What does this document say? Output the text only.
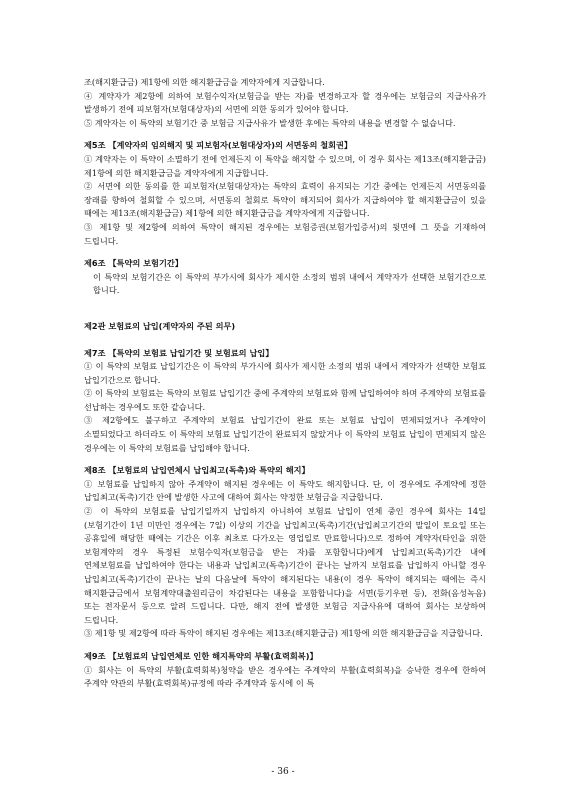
조(해지환급금) 제1항에 의한 해지환급금을 계약자에게 지급합니다.

④ 계약자가 제2항에 의하여 보험수익자(보험금을 받는 자)를 변경하고자 할 경우에는 보험금의 지급사유가 발생하기 전에 피보험자(보험대상자)의 서면에 의한 동의가 있어야 합니다.

⑤ 계약자는 이 특약의 보험기간 중 보험금 지급사유가 발생한 후에는 특약의 내용을 변경할 수 없습니다.

제5조 【계약자의 임의해지 및 피보험자(보험대상자)의 서면동의 철회권】

① 계약자는 이 특약이 소멸하기 전에 언제든지 이 특약을 해지할 수 있으며, 이 경우 회사는 제13조(해지환급금) 제1항에 의한 해지환급금을 계약자에게 지급합니다.

② 서면에 의한 동의를 한 피보험자(보험대상자)는 특약의 효력이 유지되는 기간 중에는 언제든지 서면동의를 장래를 향하여 철회할 수 있으며, 서면동의 철회로 특약이 해지되어 회사가 지급하여야 할 해지환급금이 있을 때에는 제13조(해지환급금) 제1항에 의한 해지환급금을 계약자에게 지급합니다.

③ 제1항 및 제2항에 의하여 특약이 해지된 경우에는 보험증권(보험가입증서)의 뒷면에 그 뜻을 기재하여 드립니다.

제6조 【특약의 보험기간】

이 특약의 보험기간은 이 특약의 부가시에 회사가 제시한 소정의 범위 내에서 계약자가 선택한 보험기간으로 합니다.

제2관 보험료의 납입(계약자의 주된 의무)

제7조 【특약의 보험료 납입기간 및 보험료의 납입】

① 이 특약의 보험료 납입기간은 이 특약의 부가시에 회사가 제시한 소정의 범위 내에서 계약자가 선택한 보험료 납입기간으로 합니다.

② 이 특약의 보험료는 특약의 보험료 납입기간 중에 주계약의 보험료와 함께 납입하여야 하며 주계약의 보험료를 선납하는 경우에도 또한 같습니다.

③ 제2항에도 불구하고 주계약의 보험료 납입기간이 완료 또는 보험료 납입이 면제되었거나 주계약이 소멸되었다고 하더라도 이 특약의 보험료 납입기간이 완료되지 않았거나 이 특약의 보험료 납입이 면제되지 않은 경우에는 이 특약의 보험료를 납입해야 합니다.

제8조 【보험료의 납입연체시 납입최고(독촉)와 특약의 해지】

① 보험료를 납입하지 않아 주계약이 해지된 경우에는 이 특약도 해지합니다. 단, 이 경우에도 주계약에 정한 납입최고(독촉)기간 안에 발생한 사고에 대하여 회사는 약정한 보험금을 지급합니다.

② 이 특약의 보험료를 납입기일까지 납입하지 아니하여 보험료 납입이 연체 중인 경우에 회사는 14일(보험기간이 1년 미만인 경우에는 7일) 이상의 기간을 납입최고(독촉)기간(납입최고기간의 말일이 토요일 또는 공휴일에 해당한 때에는 기간은 이후 최초로 다가오는 영업일로 만료합니다)으로 정하여 계약자(타인을 위한 보험계약의 경우 특정된 보험수익자(보험금을 받는 자)를 포함합니다)에게 납입최고(독촉)기간 내에 연체보험료를 납입하여야 한다는 내용과 납입최고(독촉)기간이 끝나는 날까지 보험료를 납입하지 아니할 경우 납입최고(독촉)기간이 끝나는 날의 다음날에 특약이 해지된다는 내용(이 경우 특약이 해지되는 때에는 즉시 해지환급금에서 보험계약대출원리금이 차감된다는 내용을 포함합니다)을 서면(등기우편 등), 전화(음성녹음) 또는 전자문서 등으로 알려 드립니다. 다만, 해지 전에 발생한 보험금 지급사유에 대하여 회사는 보상하여 드립니다.

③ 제1항 및 제2항에 따라 특약이 해지된 경우에는 제13조(해지환급금) 제1항에 의한 해지환급금을 지급합니다.

제9조 【보험료의 납입연체로 인한 해지특약의 부활(효력회복)】

① 회사는 이 특약의 부활(효력회복)청약을 받은 경우에는 주계약의 부활(효력회복)을 승낙한 경우에 한하여 주계약 약관의 부활(효력회복)규정에 따라 주계약과 동시에 이 특

- 36 -
